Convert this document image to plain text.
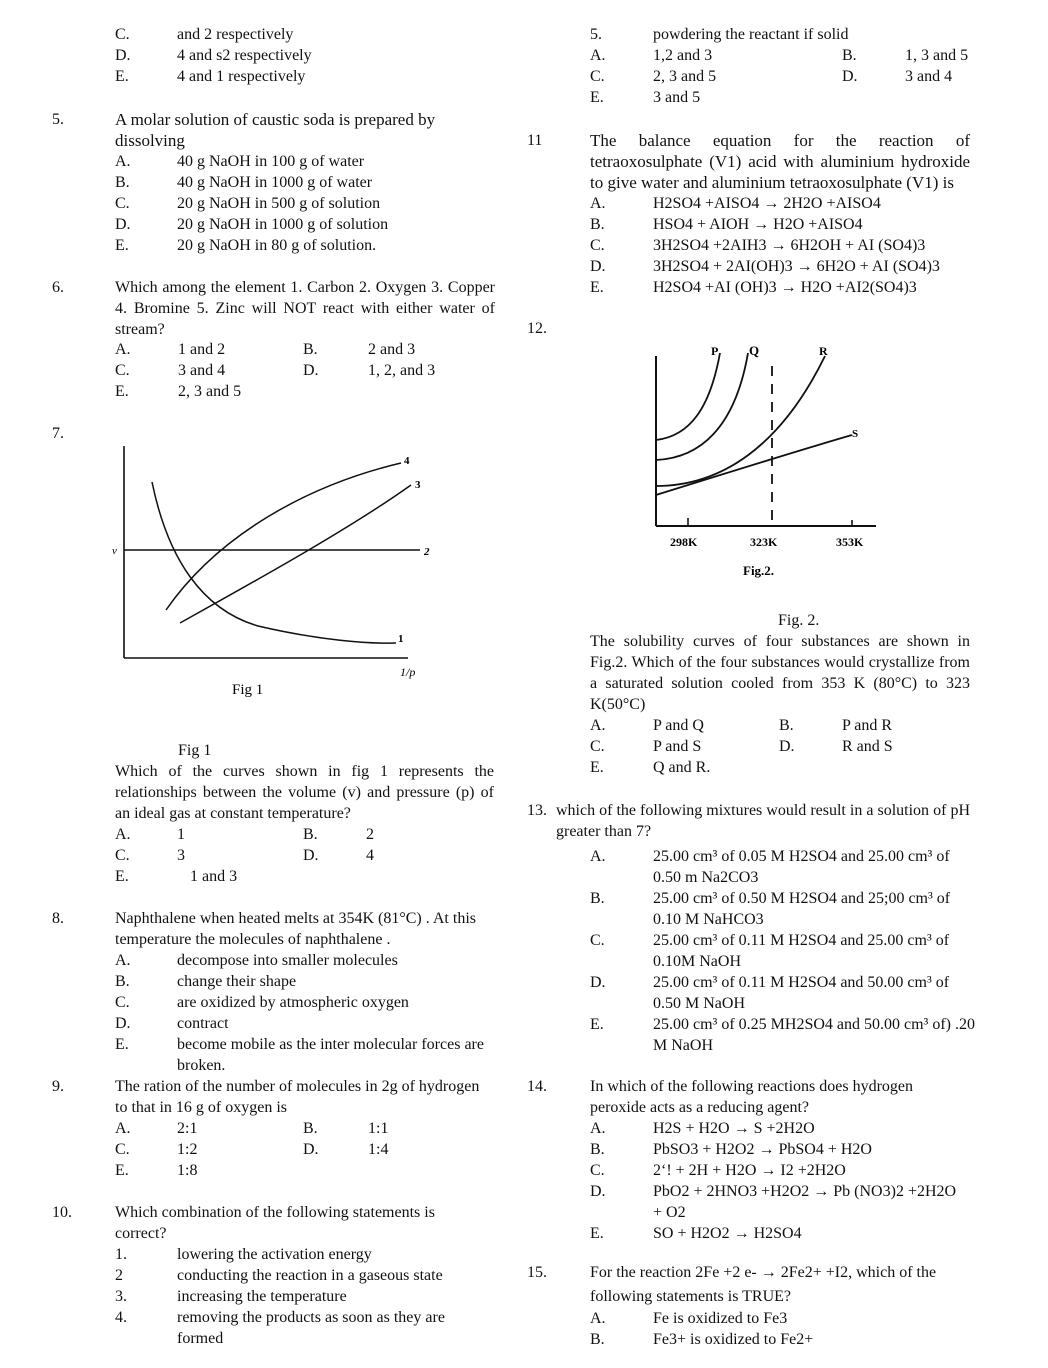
C.	and 2 respectively
D.	4 and s2 respectively
E.	4 and 1 respectively
5.	A molar solution of caustic soda is prepared by dissolving
A.	40 g NaOH in 100 g of water
B.	40 g NaOH in 1000 g of water
C.	20 g NaOH in 500 g of solution
D.	20 g NaOH in 1000 g of solution
E.	20 g NaOH in 80 g of solution.
6.	Which among the element 1. Carbon 2. Oxygen 3. Copper 4. Bromine 5. Zinc will NOT react with either water of stream?
A.	1 and 2	B.	2 and 3
C.	3 and 4	D.	1, 2, and 3
E.	2, 3 and 5
7.
v
1/p
1
2
3
4
Fig 1
Fig 1
Which of the curves shown in fig 1 represents the relationships between the volume (v) and pressure (p) of an ideal gas at constant temperature?
A.	1	B.	2
C.	3	D.	4
E.	1 and 3
8.	Naphthalene when heated melts at 354K (81°C) . At this temperature the molecules of naphthalene .
A.	decompose into smaller molecules
B.	change their shape
C.	are oxidized by atmospheric oxygen
D.	contract
E.	become mobile as the inter molecular forces are broken.
9.	The ration of the number of molecules in 2g of hydrogen to that in 16 g of oxygen is
A.	2:1	B.	1:1
C.	1:2	D.	1:4
E.	1:8
10.	Which combination of the following statements is correct?
1.	lowering the activation energy
2	conducting the reaction in a gaseous state
3.	increasing the temperature
4.	removing the products as soon as they are formed
5.	powdering the reactant if solid
A.	1,2 and 3	B.	1, 3 and 5
C.	2, 3 and 5	D.	3 and 4
E.	3 and 5
11	The balance equation for the reaction of tetraoxosulphate (V1) acid with aluminium hydroxide to give water and aluminium tetraoxosulphate (V1) is
A.	H2SO4 +AISO4 → 2H2O +AISO4
B.	HSO4 + AIOH → H2O +AISO4
C.	3H2SO4 +2AIH3 → 6H2OH + AI (SO4)3
D.	3H2SO4 + 2AI(OH)3 → 6H2O + AI (SO4)3
E.	H2SO4 +AI (OH)3 → H2O +AI2(SO4)3
12.
P Q	R
S
298K	323K	353K
Fig.2.
Fig. 2.
The solubility curves of four substances are shown in Fig.2. Which of the four substances would crystallize from a saturated solution cooled from 353 K (80°C) to 323 K(50°C)
A.	P and Q	B.	P and R
C.	P and S	D.	R and S
E.	Q and R.
13. which of the following mixtures would result in a solution of pH greater than 7?
A.	25.00 cm³ of 0.05 M H2SO4 and 25.00 cm³ of
0.50 m Na2CO3
B.	25.00 cm³ of 0.50 M H2SO4 and 25;00 cm³ of
0.10 M NaHCO3
C.	25.00 cm³ of 0.11 M H2SO4 and 25.00 cm³ of
0.10M NaOH
D.	25.00 cm³ of 0.11 M H2SO4 and 50.00 cm³ of
0.50 M NaOH
E.	25.00 cm³ of 0.25 MH2SO4 and 50.00 cm³ of) .20
M NaOH
14.	In which of the following reactions does hydrogen peroxide acts as a reducing agent?
A.	H2S + H2O → S +2H2O
B.	PbSO3 + H2O2 → PbSO4 + H2O
C.	2‘! + 2H + H2O → I2 +2H2O
D.	PbO2 + 2HNO3 +H2O2 → Pb (NO3)2 +2H2O
+ O2
E.	SO + H2O2 → H2SO4
15.	For the reaction 2Fe +2 e- → 2Fe2+ +I2, which of the
following statements is TRUE?
A.	Fe is oxidized to Fe3
B.	Fe3+ is oxidized to Fe2+
